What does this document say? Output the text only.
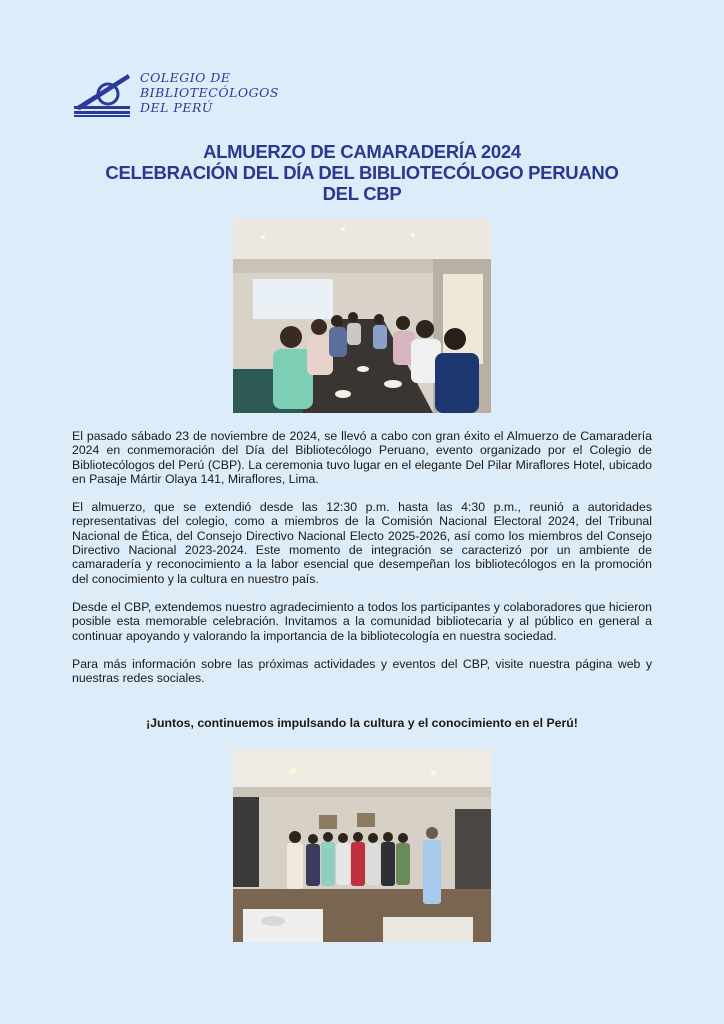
COLEGIO DE
BIBLIOTECÓLOGOS
DEL PERÚ
ALMUERZO DE CAMARADERÍA 2024
CELEBRACIÓN DEL DÍA DEL BIBLIOTECÓLOGO PERUANO
DEL CBP

El pasado sábado 23 de noviembre de 2024, se llevó a cabo con gran éxito el Almuerzo de Camaradería 2024 en conmemoración del Día del Bibliotecólogo Peruano, evento organizado por el Colegio de Bibliotecólogos del Perú (CBP). La ceremonia tuvo lugar en el elegante Del Pilar Miraflores Hotel, ubicado en Pasaje Mártir Olaya 141, Miraflores, Lima.

El almuerzo, que se extendió desde las 12:30 p.m. hasta las 4:30 p.m., reunió a autoridades representativas del colegio, como a miembros de la Comisión Nacional Electoral 2024, del Tribunal Nacional de Ética, del Consejo Directivo Nacional Electo 2025-2026, así como los miembros del Consejo Directivo Nacional 2023-2024. Este momento de integración se caracterizó por un ambiente de camaradería y reconocimiento a la labor esencial que desempeñan los bibliotecólogos en la promoción del conocimiento y la cultura en nuestro país.

Desde el CBP, extendemos nuestro agradecimiento a todos los participantes y colaboradores que hicieron posible esta memorable celebración. Invitamos a la comunidad bibliotecaria y al público en general a continuar apoyando y valorando la importancia de la bibliotecología en nuestra sociedad.

Para más información sobre las próximas actividades y eventos del CBP, visite nuestra página web y nuestras redes sociales.

¡Juntos, continuemos impulsando la cultura y el conocimiento en el Perú!
